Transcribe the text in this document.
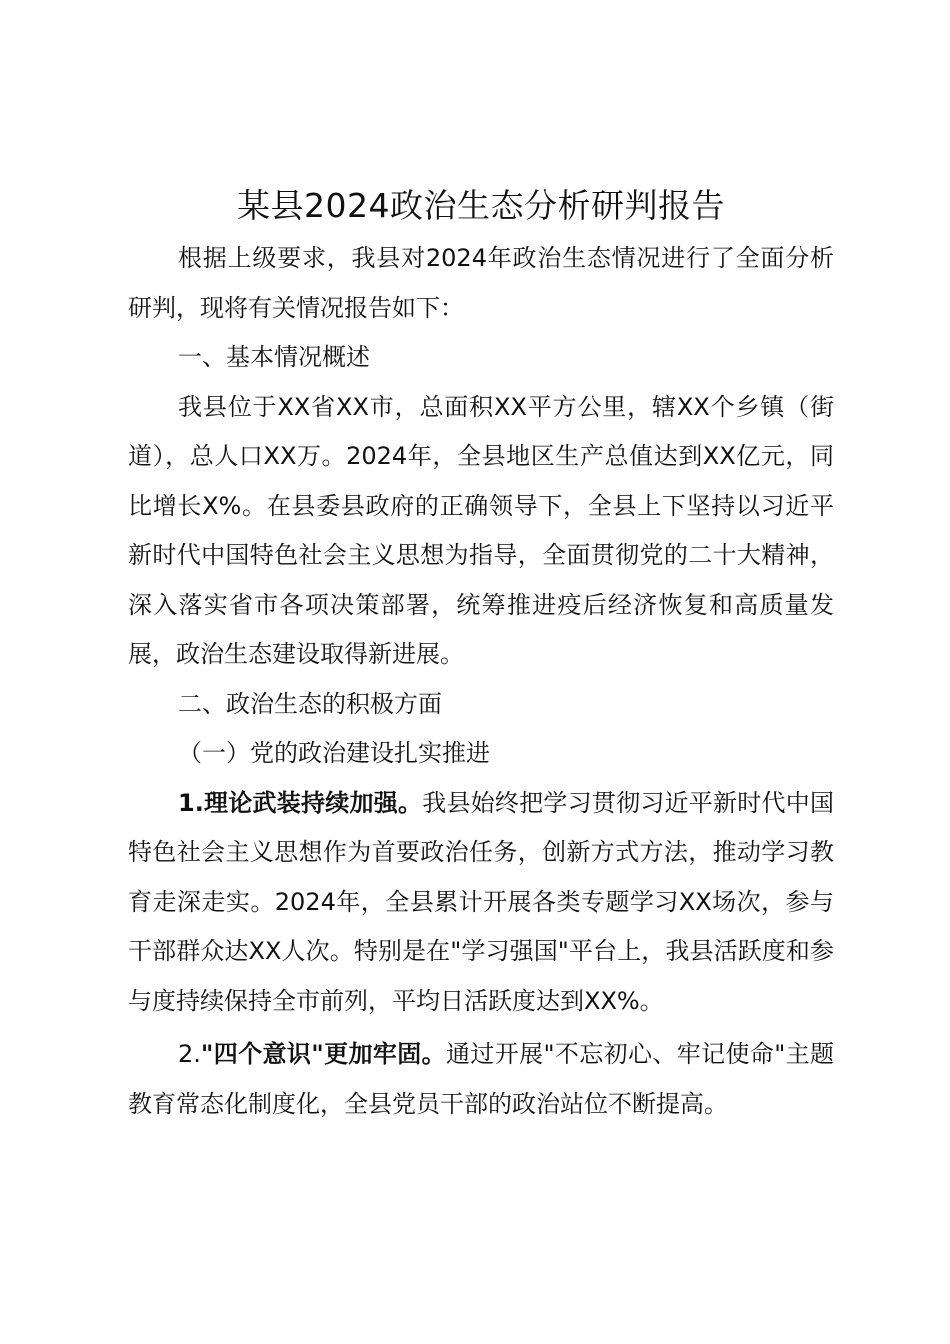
某县2024政治生态分析研判报告

根据上级要求，我县对2024年政治生态情况进行了全面分析研判，现将有关情况报告如下：

一、基本情况概述

我县位于XX省XX市，总面积XX平方公里，辖XX个乡镇（街道），总人口XX万。2024年，全县地区生产总值达到XX亿元，同比增长X%。在县委县政府的正确领导下，全县上下坚持以习近平新时代中国特色社会主义思想为指导，全面贯彻党的二十大精神，深入落实省市各项决策部署，统筹推进疫后经济恢复和高质量发展，政治生态建设取得新进展。

二、政治生态的积极方面

（一）党的政治建设扎实推进

1.理论武装持续加强。我县始终把学习贯彻习近平新时代中国特色社会主义思想作为首要政治任务，创新方式方法，推动学习教育走深走实。2024年，全县累计开展各类专题学习XX场次，参与干部群众达XX人次。特别是在"学习强国"平台上，我县活跃度和参与度持续保持全市前列，平均日活跃度达到XX%。

2."四个意识"更加牢固。通过开展"不忘初心、牢记使命"主题教育常态化制度化，全县党员干部的政治站位不断提高。
